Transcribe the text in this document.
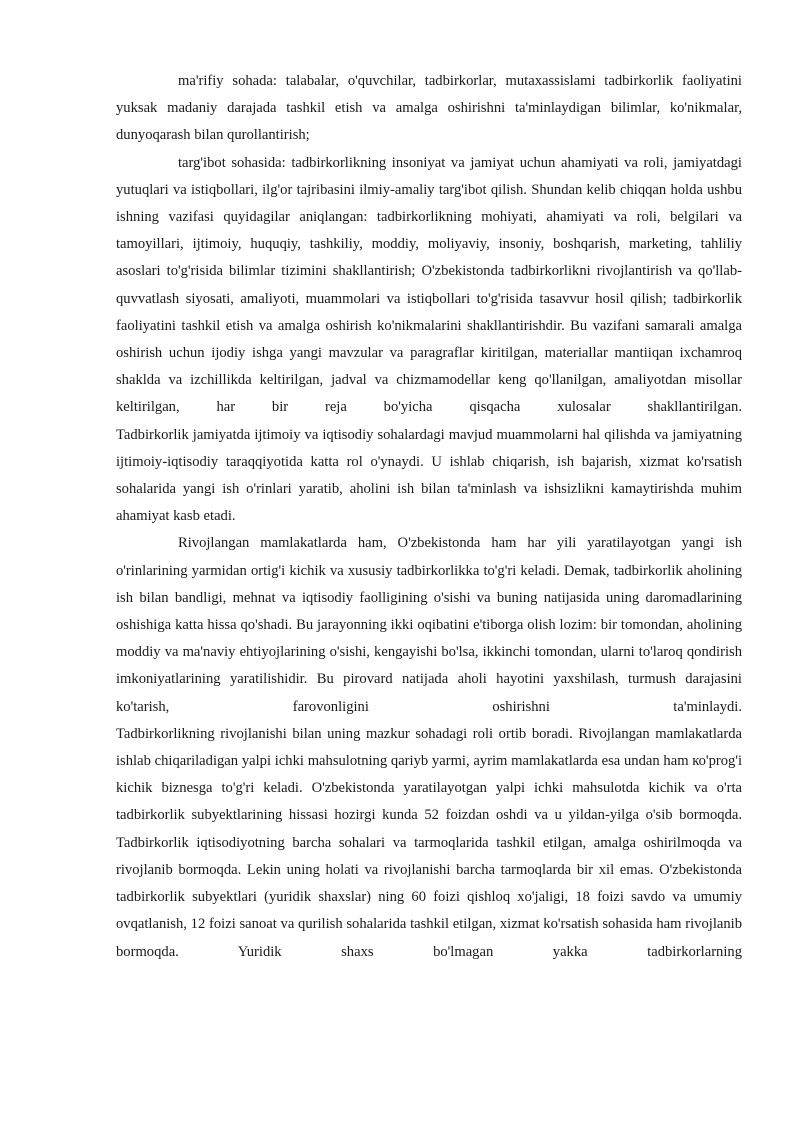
ma'rifiy sohada: talabalar, o'quvchilar, tadbirkorlar, mutaxassislami tadbirkorlik faoliyatini yuksak madaniy darajada tashkil etish va amalga oshirishni ta'minlaydigan bilimlar, ko'nikmalar, dunyoqarash bilan qurollantirish;

targ'ibot sohasida: tadbirkorlikning insoniyat va jamiyat uchun ahamiyati va roli, jamiyatdagi yutuqlari va istiqbollari, ilg'or tajribasini ilmiy-amaliy targ'ibot qilish. Shundan kelib chiqqan holda ushbu ishning vazifasi quyidagilar aniqlangan: tadbirkorlikning mohiyati, ahamiyati va roli, belgilari va tamoyillari, ijtimoiy, huquqiy, tashkiliy, moddiy, moliyaviy, insoniy, boshqarish, marketing, tahliliy asoslari to'g'risida bilimlar tizimini shakllantirish; O'zbekistonda tadbirkorlikni rivojlantirish va qo'llab-quvvatlash siyosati, amaliyoti, muammolari va istiqbollari to'g'risida tasavvur hosil qilish; tadbirkorlik faoliyatini tashkil etish va amalga oshirish ko'nikmalarini shakllantirishdir. Bu vazifani samarali amalga oshirish uchun ijodiy ishga yangi mavzular va paragraflar kiritilgan, materiallar mantiiqan ixchamroq shaklda va izchillikda keltirilgan, jadval va chizmamodellar keng qo'llanilgan, amaliyotdan misollar keltirilgan, har bir reja bo'yicha qisqacha xulosalar shakllantirilgan.

Tadbirkorlik jamiyatda ijtimoiy va iqtisodiy sohalardagi mavjud muammolarni hal qilishda va jamiyatning ijtimoiy-iqtisodiy taraqqiyotida katta rol o'ynaydi. U ishlab chiqarish, ish bajarish, xizmat ko'rsatish sohalarida yangi ish o'rinlari yaratib, aholini ish bilan ta'minlash va ishsizlikni kamaytirishda muhim ahamiyat kasb etadi.

Rivojlangan mamlakatlarda ham, O'zbekistonda ham har yili yaratilayotgan yangi ish o'rinlarining yarmidan ortig'i kichik va xususiy tadbirkorlikka to'g'ri keladi. Demak, tadbirkorlik aholining ish bilan bandligi, mehnat va iqtisodiy faolligining o'sishi va buning natijasida uning daromadlarining oshishiga katta hissa qo'shadi. Bu jarayonning ikki oqibatini e'tiborga olish lozim: bir tomondan, aholining moddiy va ma'naviy ehtiyojlarining o'sishi, kengayishi bo'lsa, ikkinchi tomondan, ularni to'laroq qondirish imkoniyatlarining yaratilishidir. Bu pirovard natijada aholi hayotini yaxshilash, turmush darajasini ko'tarish, farovonligini oshirishni ta'minlaydi.

Tadbirkorlikning rivojlanishi bilan uning mazkur sohadagi roli ortib boradi. Rivojlangan mamlakatlarda ishlab chiqariladigan yalpi ichki mahsulotning qariyb yarmi, ayrim mamlakatlarda esa undan ham ко'prog'i kichik biznesga to'g'ri keladi. O'zbekistonda yaratilayotgan yalpi ichki mahsulotda kichik va o'rta tadbirkorlik subyektlarining hissasi hozirgi kunda 52 foizdan oshdi va u yildan-yilga o'sib bormoqda.

Tadbirkorlik iqtisodiyotning barcha sohalari va tarmoqlarida tashkil etilgan, amalga oshirilmoqda va rivojlanib bormoqda. Lekin uning holati va rivojlanishi barcha tarmoqlarda bir xil emas. O'zbekistonda tadbirkorlik subyektlari (yuridik shaxslar) ning 60 foizi qishloq xo'jaligi, 18 foizi savdo va umumiy ovqatlanish, 12 foizi sanoat va qurilish sohalarida tashkil etilgan, xizmat ko'rsatish sohasida ham rivojlanib bormoqda. Yuridik shaxs bo'lmagan yakka tadbirkorlarning
